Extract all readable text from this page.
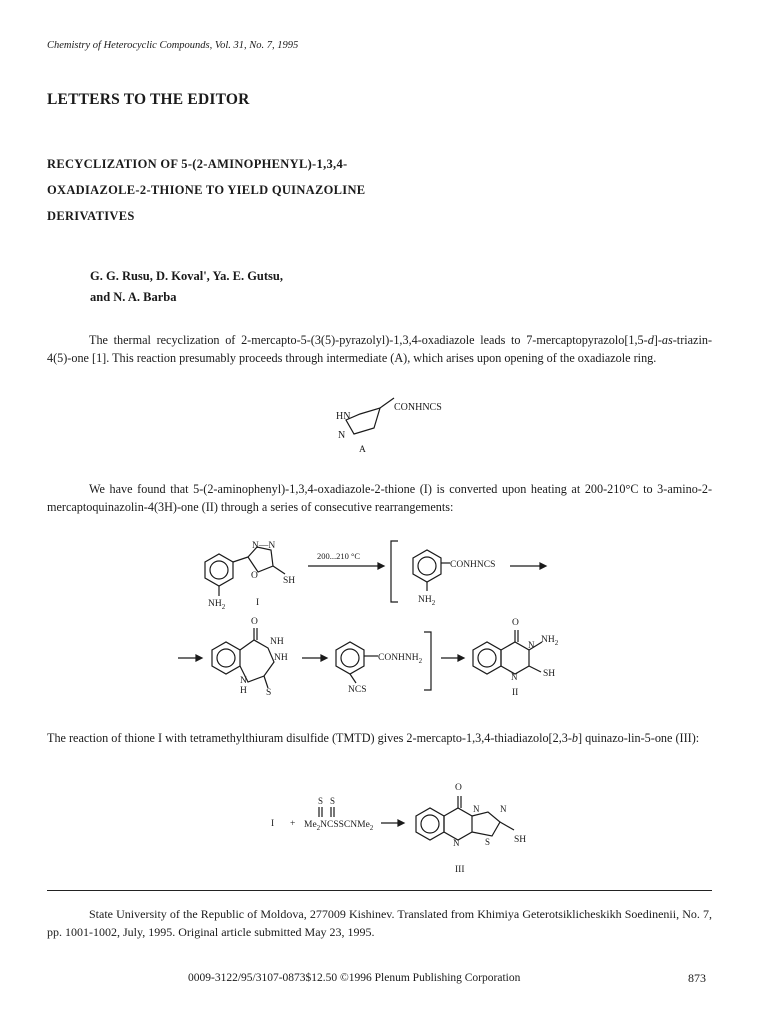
Chemistry of Heterocyclic Compounds, Vol. 31, No. 7, 1995
LETTERS TO THE EDITOR
RECYCLIZATION OF 5-(2-AMINOPHENYL)-1,3,4-
OXADIAZOLE-2-THIONE TO YIELD QUINAZOLINE
DERIVATIVES
G. G. Rusu, D. Koval', Ya. E. Gutsu,
and N. A. Barba

The thermal recyclization of 2-mercapto-5-(3(5)-pyrazolyl)-1,3,4-oxadiazole leads to 7-mercaptopyrazolo[1,5-d]-as-triazin-4(5)-one [1]. This reaction presumably proceeds through intermediate (A), which arises upon opening of the oxadiazole ring.

We have found that 5-(2-aminophenyl)-1,3,4-oxadiazole-2-thione (I) is converted upon heating at 200-210°C to 3-amino-2-mercaptoquinazolin-4(3H)-one (II) through a series of consecutive rearrangements:

The reaction of thione I with tetramethylthiuram disulfide (TMTD) gives 2-mercapto-1,3,4-thiadiazolo[2,3-b] quinazo-lin-5-one (III):

CONHNCS
HN
N
A
N—N
O	SH
$NH_2$	I
200...210 °C
CONHNCS
$NH_2$
O
NH
NH
N
H S
$CONHNH_2$
NCS
O
$NH_2$
N
N	SH
II
I +
S S
$Me_2NCSSCNMe_2$
O
N N
N	S	SH
III

State University of the Republic of Moldova, 277009 Kishinev. Translated from Khimiya Geterotsiklicheskikh Soedinenii, No. 7, pp. 1001-1002, July, 1995. Original article submitted May 23, 1995.

0009-3122/95/3107-0873$12.50 ©1996 Plenum Publishing Corporation	873
